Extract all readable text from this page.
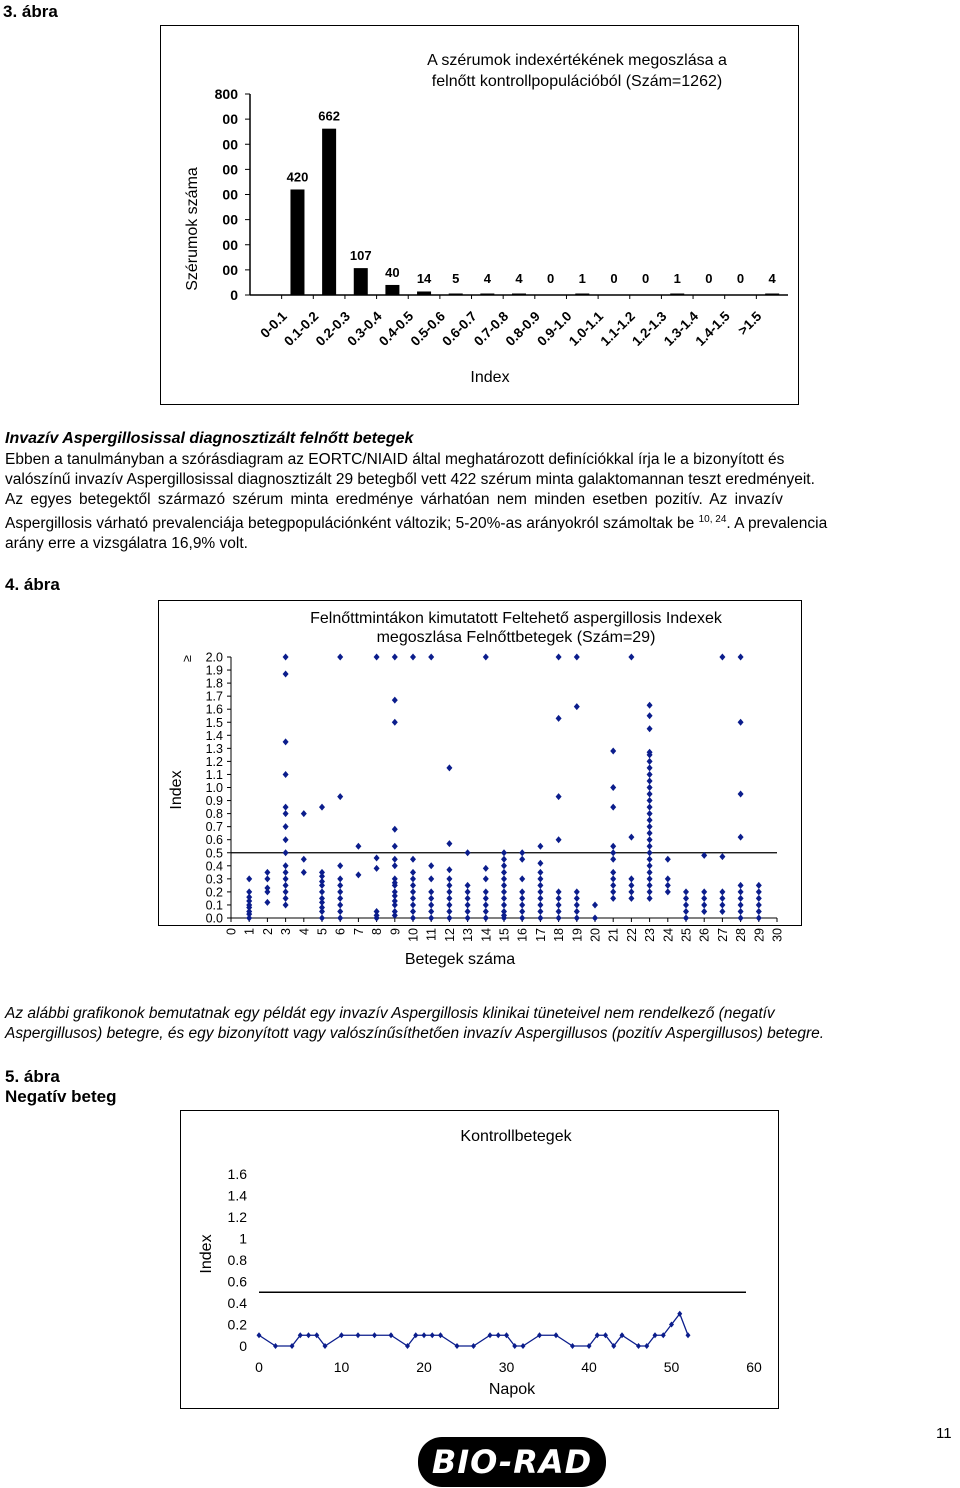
3. ábra
A szérumok indexértékének megoszlása a
felnőtt kontrollpopulációból (Szám=1262)
Szérumok száma
Index
0
00
00
00
00
00
00
00
800
420
662
107
40 14 5 4 4 0 1 0 0 1 0 0 4
0-0.1
0.1-0.2
0.2-0.3
0.3-0.4
0.4-0.5
0.5-0.6
0.6-0.7
0.7-0.8
0.8-0.9
0.9-1.0
1.0-1.1
1.1-1.2
1.2-1.3
1.3-1.4
1.4-1.5 >1.5
Invazív Aspergillosissal diagnosztizált felnőtt betegek
Ebben a tanulmányban a szórásdiagram az EORTC/NIAID által meghatározott definíciókkal írja le a bizonyított és
valószínű invazív Aspergillosissal diagnosztizált 29 betegből vett 422 szérum minta galaktomannan teszt eredményeit.
Az egyes betegektől származó szérum minta eredménye várhatóan nem minden esetben pozitív. Az invazív
Aspergillosis várható prevalenciája betegpopulációnként változik; 5-20%-as arányokról számoltak be $^{10, 24}$. A prevalencia
arány erre a vizsgálatra 16,9% volt.
4. ábra
Felnőttmintákon kimutatott Feltehető aspergillosis Indexek
megoszlása Felnőttbetegek (Szám=29)
Index
Betegek száma
0.0
0.1
0.2
0.3
0.4
0.5
0.6
0.7
0.8
0.9
1.0
1.1
1.2
1.3
1.4
1.5
1.6
1.7
1.8
1.9
2.0
≥
0 1 2 3 4 5 6 7 8 9 10 11 12 13 14 15 16 17 18 19 20 21 22 23 24 25 26 27 28 29 30
Az alábbi grafikonok bemutatnak egy példát egy invazív Aspergillosis klinikai tüneteivel nem rendelkező (negatív
Aspergillusos) betegre, és egy bizonyított vagy valószínűsíthetően invazív Aspergillusos (pozitív Aspergillusos) betegre.
5. ábra
Negatív beteg
Kontrollbetegek
Index
Napok
0
0.2
0.4
0.6
0.8
1
1.2
1.4
1.6
0	10	20	30	40	50	60
BIO-RAD
11
